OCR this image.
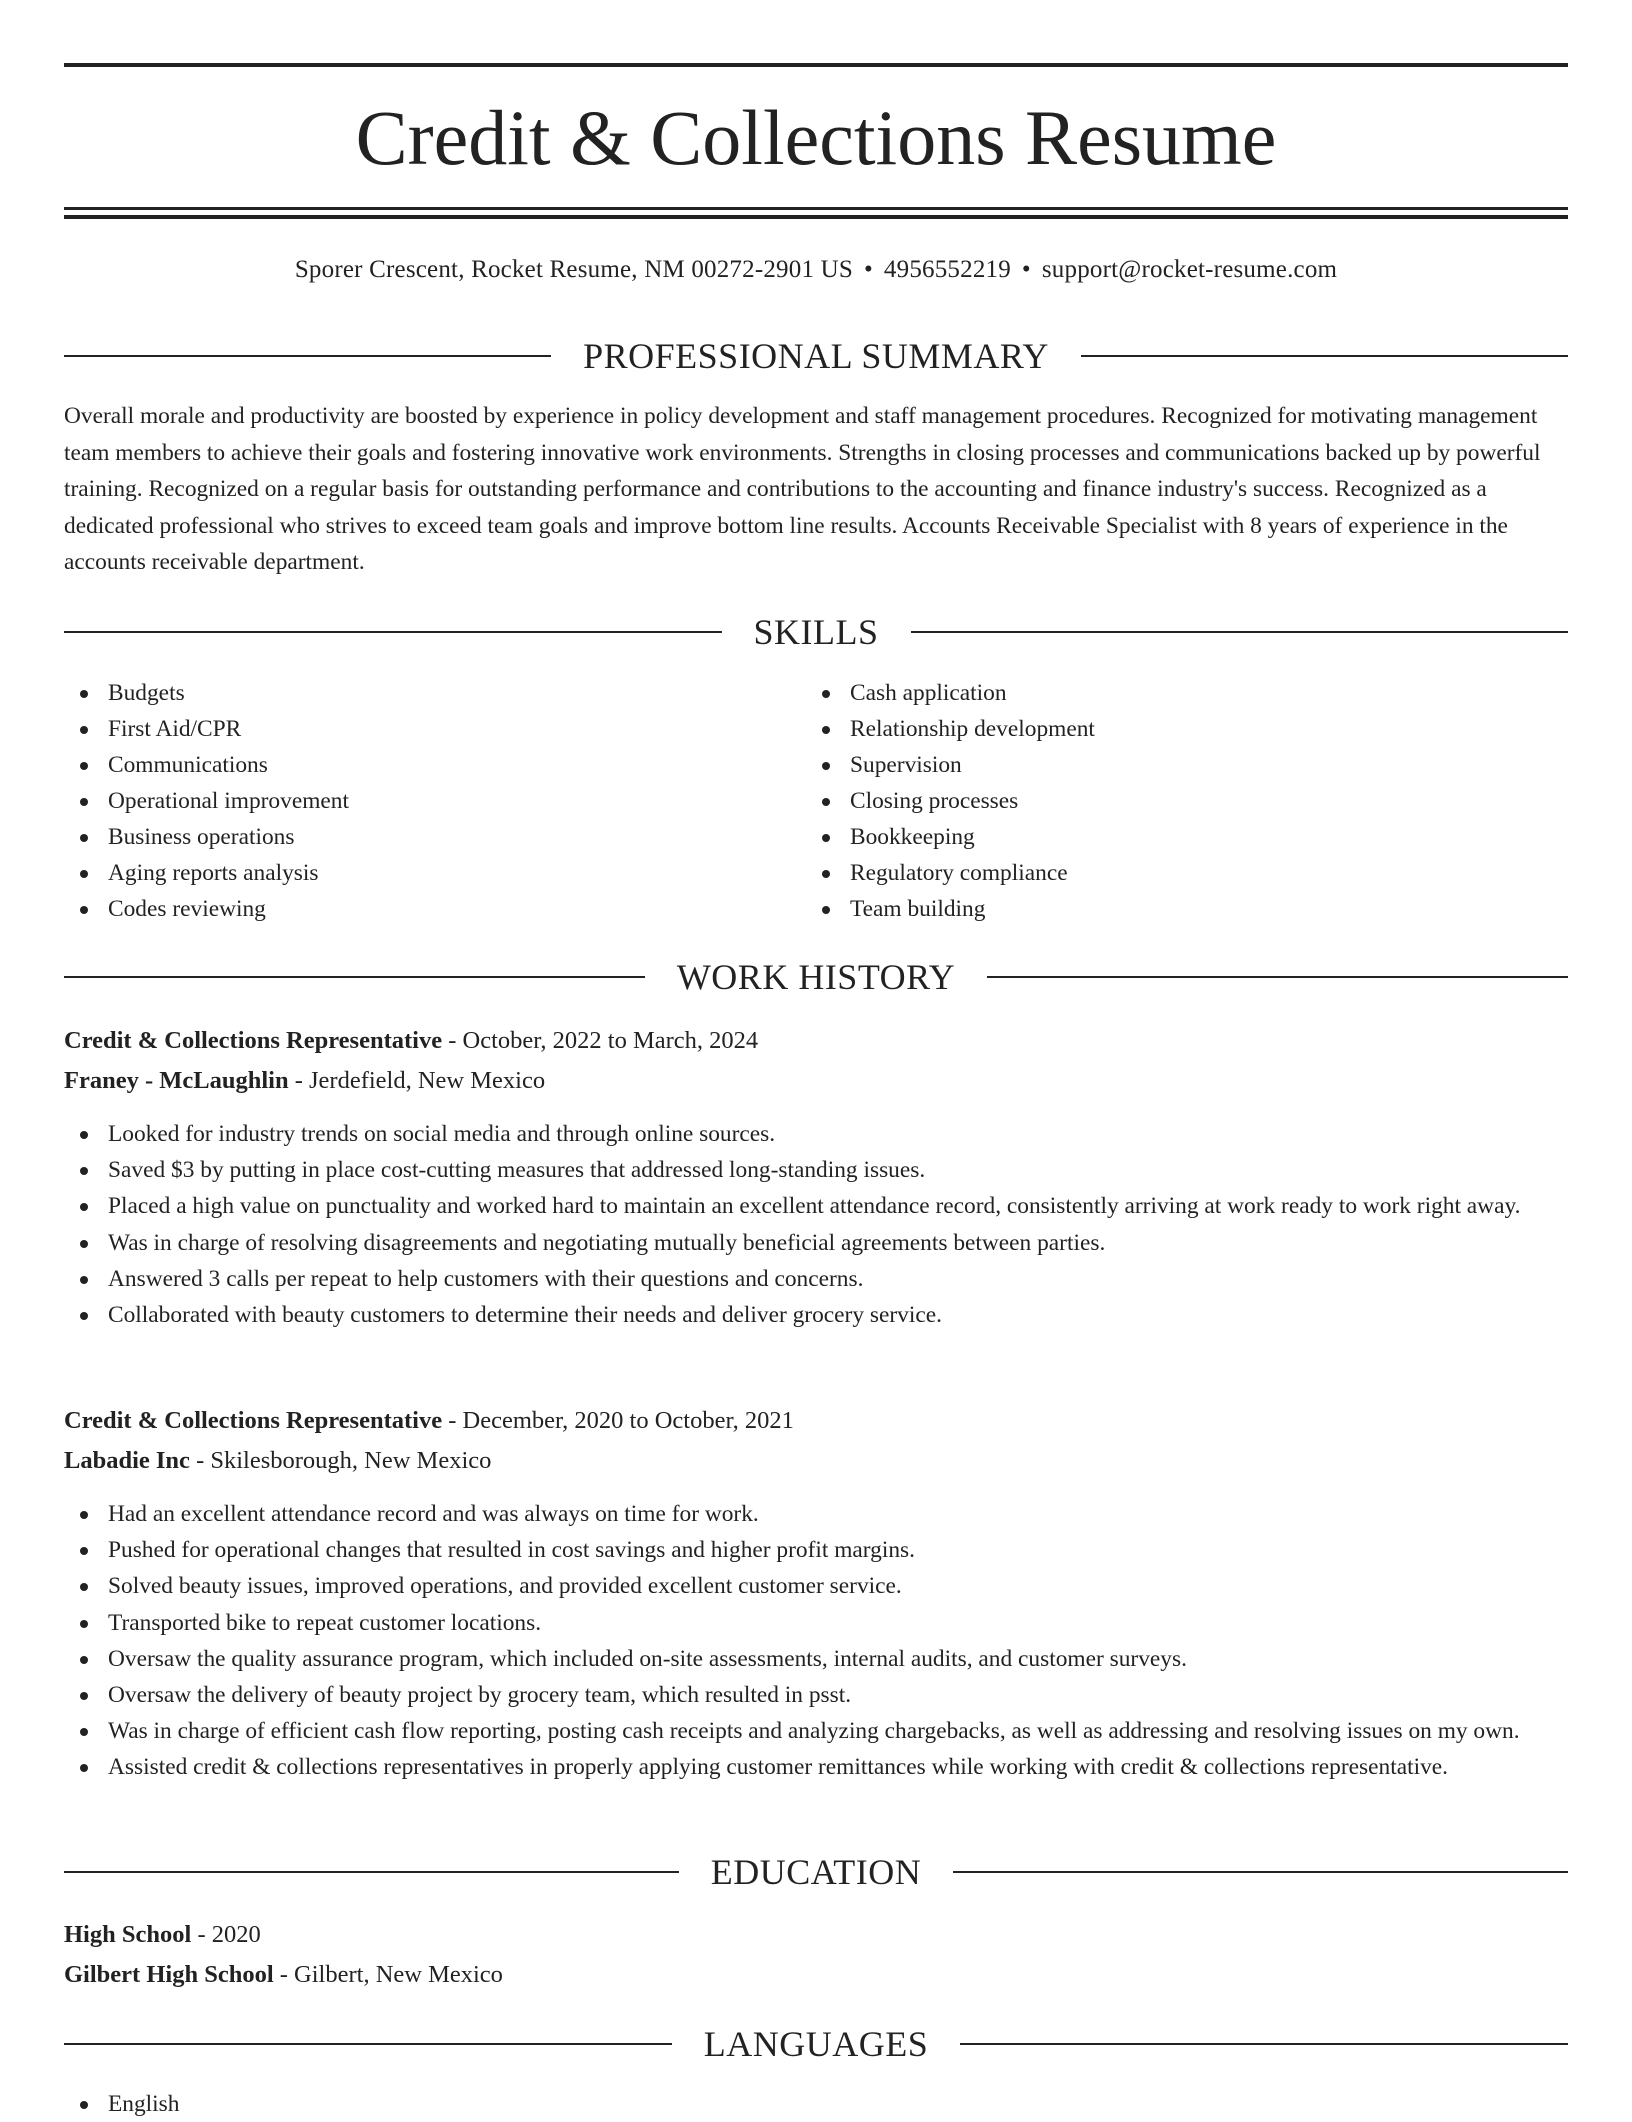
Credit & Collections Resume
Sporer Crescent, Rocket Resume, NM 00272-2901 US • 4956552219 • support@rocket-resume.com
PROFESSIONAL SUMMARY

Overall morale and productivity are boosted by experience in policy development and staff management procedures. Recognized for motivating management team members to achieve their goals and fostering innovative work environments. Strengths in closing processes and communications backed up by powerful training. Recognized on a regular basis for outstanding performance and contributions to the accounting and finance industry's success. Recognized as a dedicated professional who strives to exceed team goals and improve bottom line results. Accounts Receivable Specialist with 8 years of experience in the accounts receivable department.

SKILLS
Budgets
First Aid/CPR
Communications
Operational improvement
Business operations
Aging reports analysis
Codes reviewing
Cash application
Relationship development
Supervision
Closing processes
Bookkeeping
Regulatory compliance
Team building
WORK HISTORY
Credit & Collections Representative - October, 2022 to March, 2024
Franey - McLaughlin - Jerdefield, New Mexico
Looked for industry trends on social media and through online sources.
Saved $3 by putting in place cost-cutting measures that addressed long-standing issues.
Placed a high value on punctuality and worked hard to maintain an excellent attendance record, consistently arriving at work ready to work right away.
Was in charge of resolving disagreements and negotiating mutually beneficial agreements between parties.
Answered 3 calls per repeat to help customers with their questions and concerns.
Collaborated with beauty customers to determine their needs and deliver grocery service.
Credit & Collections Representative - December, 2020 to October, 2021
Labadie Inc - Skilesborough, New Mexico
Had an excellent attendance record and was always on time for work.
Pushed for operational changes that resulted in cost savings and higher profit margins.
Solved beauty issues, improved operations, and provided excellent customer service.
Transported bike to repeat customer locations.
Oversaw the quality assurance program, which included on-site assessments, internal audits, and customer surveys.
Oversaw the delivery of beauty project by grocery team, which resulted in psst.
Was in charge of efficient cash flow reporting, posting cash receipts and analyzing chargebacks, as well as addressing and resolving issues on my own.
Assisted credit & collections representatives in properly applying customer remittances while working with credit & collections representative.
EDUCATION
High School - 2020
Gilbert High School - Gilbert, New Mexico
LANGUAGES
English
